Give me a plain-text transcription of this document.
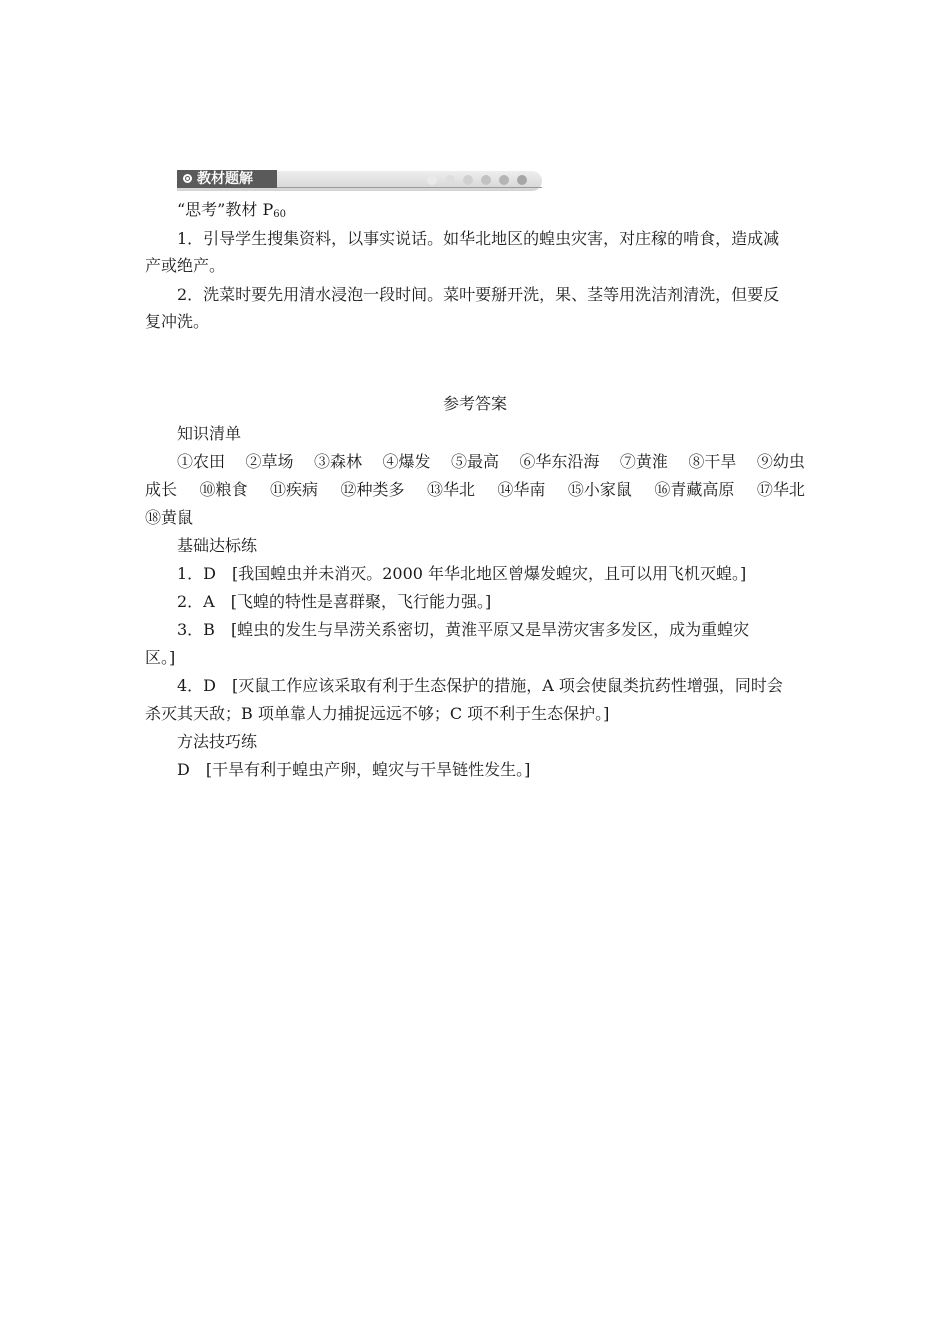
教材题解
“思考”教材 $P_{60}$
1．引导学生搜集资料，以事实说话。如华北地区的蝗虫灾害，对庄稼的啃食，造成减
产或绝产。
2．洗菜时要先用清水浸泡一段时间。菜叶要掰开洗，果、茎等用洗洁剂清洗，但要反
复冲洗。
参考答案
知识清单
①农田 ②草场 ③森林 ④爆发 ⑤最高 ⑥华东沿海 ⑦黄淮 ⑧干旱 ⑨幼虫
成长 ⑩粮食 ⑪疾病 ⑫种类多 ⑬华北 ⑭华南 ⑮小家鼠 ⑯青藏高原 ⑰华北
⑱黄鼠
基础达标练
1．D　[我国蝗虫并未消灭。2000 年华北地区曾爆发蝗灾，且可以用飞机灭蝗。]
2．A　[飞蝗的特性是喜群聚，飞行能力强。]
3．B　[蝗虫的发生与旱涝关系密切，黄淮平原又是旱涝灾害多发区，成为重蝗灾
区。]
4．D　[灭鼠工作应该采取有利于生态保护的措施，A 项会使鼠类抗药性增强，同时会
杀灭其天敌；B 项单靠人力捕捉远远不够；C 项不利于生态保护。]
方法技巧练
D　[干旱有利于蝗虫产卵，蝗灾与干旱链性发生。]
